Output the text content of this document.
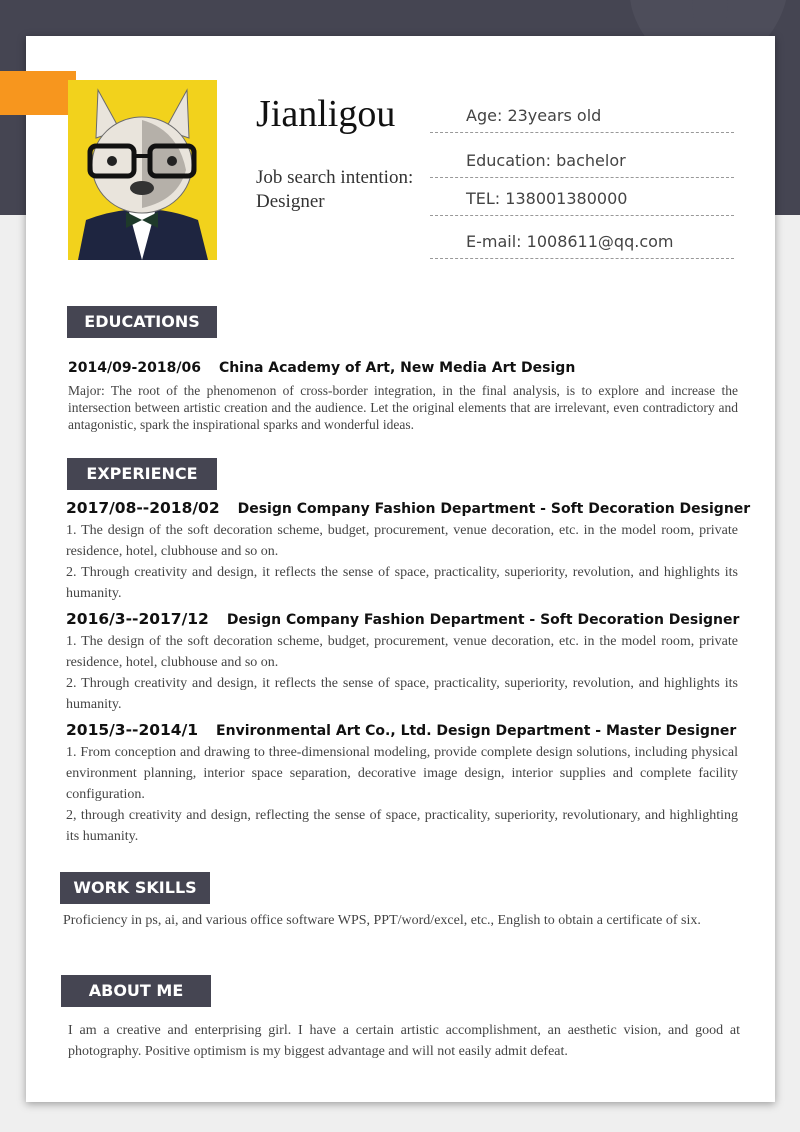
Jianligou
Job search intention:
Designer
Age: 23years old
Education: bachelor
TEL: 138001380000
E-mail: 1008611@qq.com
EDUCATIONS
2014/09-2018/06 China Academy of Art, New Media Art Design

Major: The root of the phenomenon of cross-border integration, in the final analysis, is to explore and increase the intersection between artistic creation and the audience. Let the original elements that are irrelevant, even contradictory and antagonistic, spark the inspirational sparks and wonderful ideas.

EXPERIENCE
2017/08--2018/02 Design Company Fashion Department - Soft Decoration Designer

1. The design of the soft decoration scheme, budget, procurement, venue decoration, etc. in the model room, private residence, hotel, clubhouse and so on.

2. Through creativity and design, it reflects the sense of space, practicality, superiority, revolution, and highlights its humanity.

2016/3--2017/12 Design Company Fashion Department - Soft Decoration Designer

1. The design of the soft decoration scheme, budget, procurement, venue decoration, etc. in the model room, private residence, hotel, clubhouse and so on.

2. Through creativity and design, it reflects the sense of space, practicality, superiority, revolution, and highlights its humanity.

2015/3--2014/1 Environmental Art Co., Ltd. Design Department - Master Designer

1. From conception and drawing to three-dimensional modeling, provide complete design solutions, including physical environment planning, interior space separation, decorative image design, interior supplies and complete facility configuration.

2, through creativity and design, reflecting the sense of space, practicality, superiority, revolutionary, and highlighting its humanity.

WORK SKILLS

Proficiency in ps, ai, and various office software WPS, PPT/word/excel, etc., English to obtain a certificate of six.

ABOUT ME

I am a creative and enterprising girl. I have a certain artistic accomplishment, an aesthetic vision, and good at photography. Positive optimism is my biggest advantage and will not easily admit defeat.
